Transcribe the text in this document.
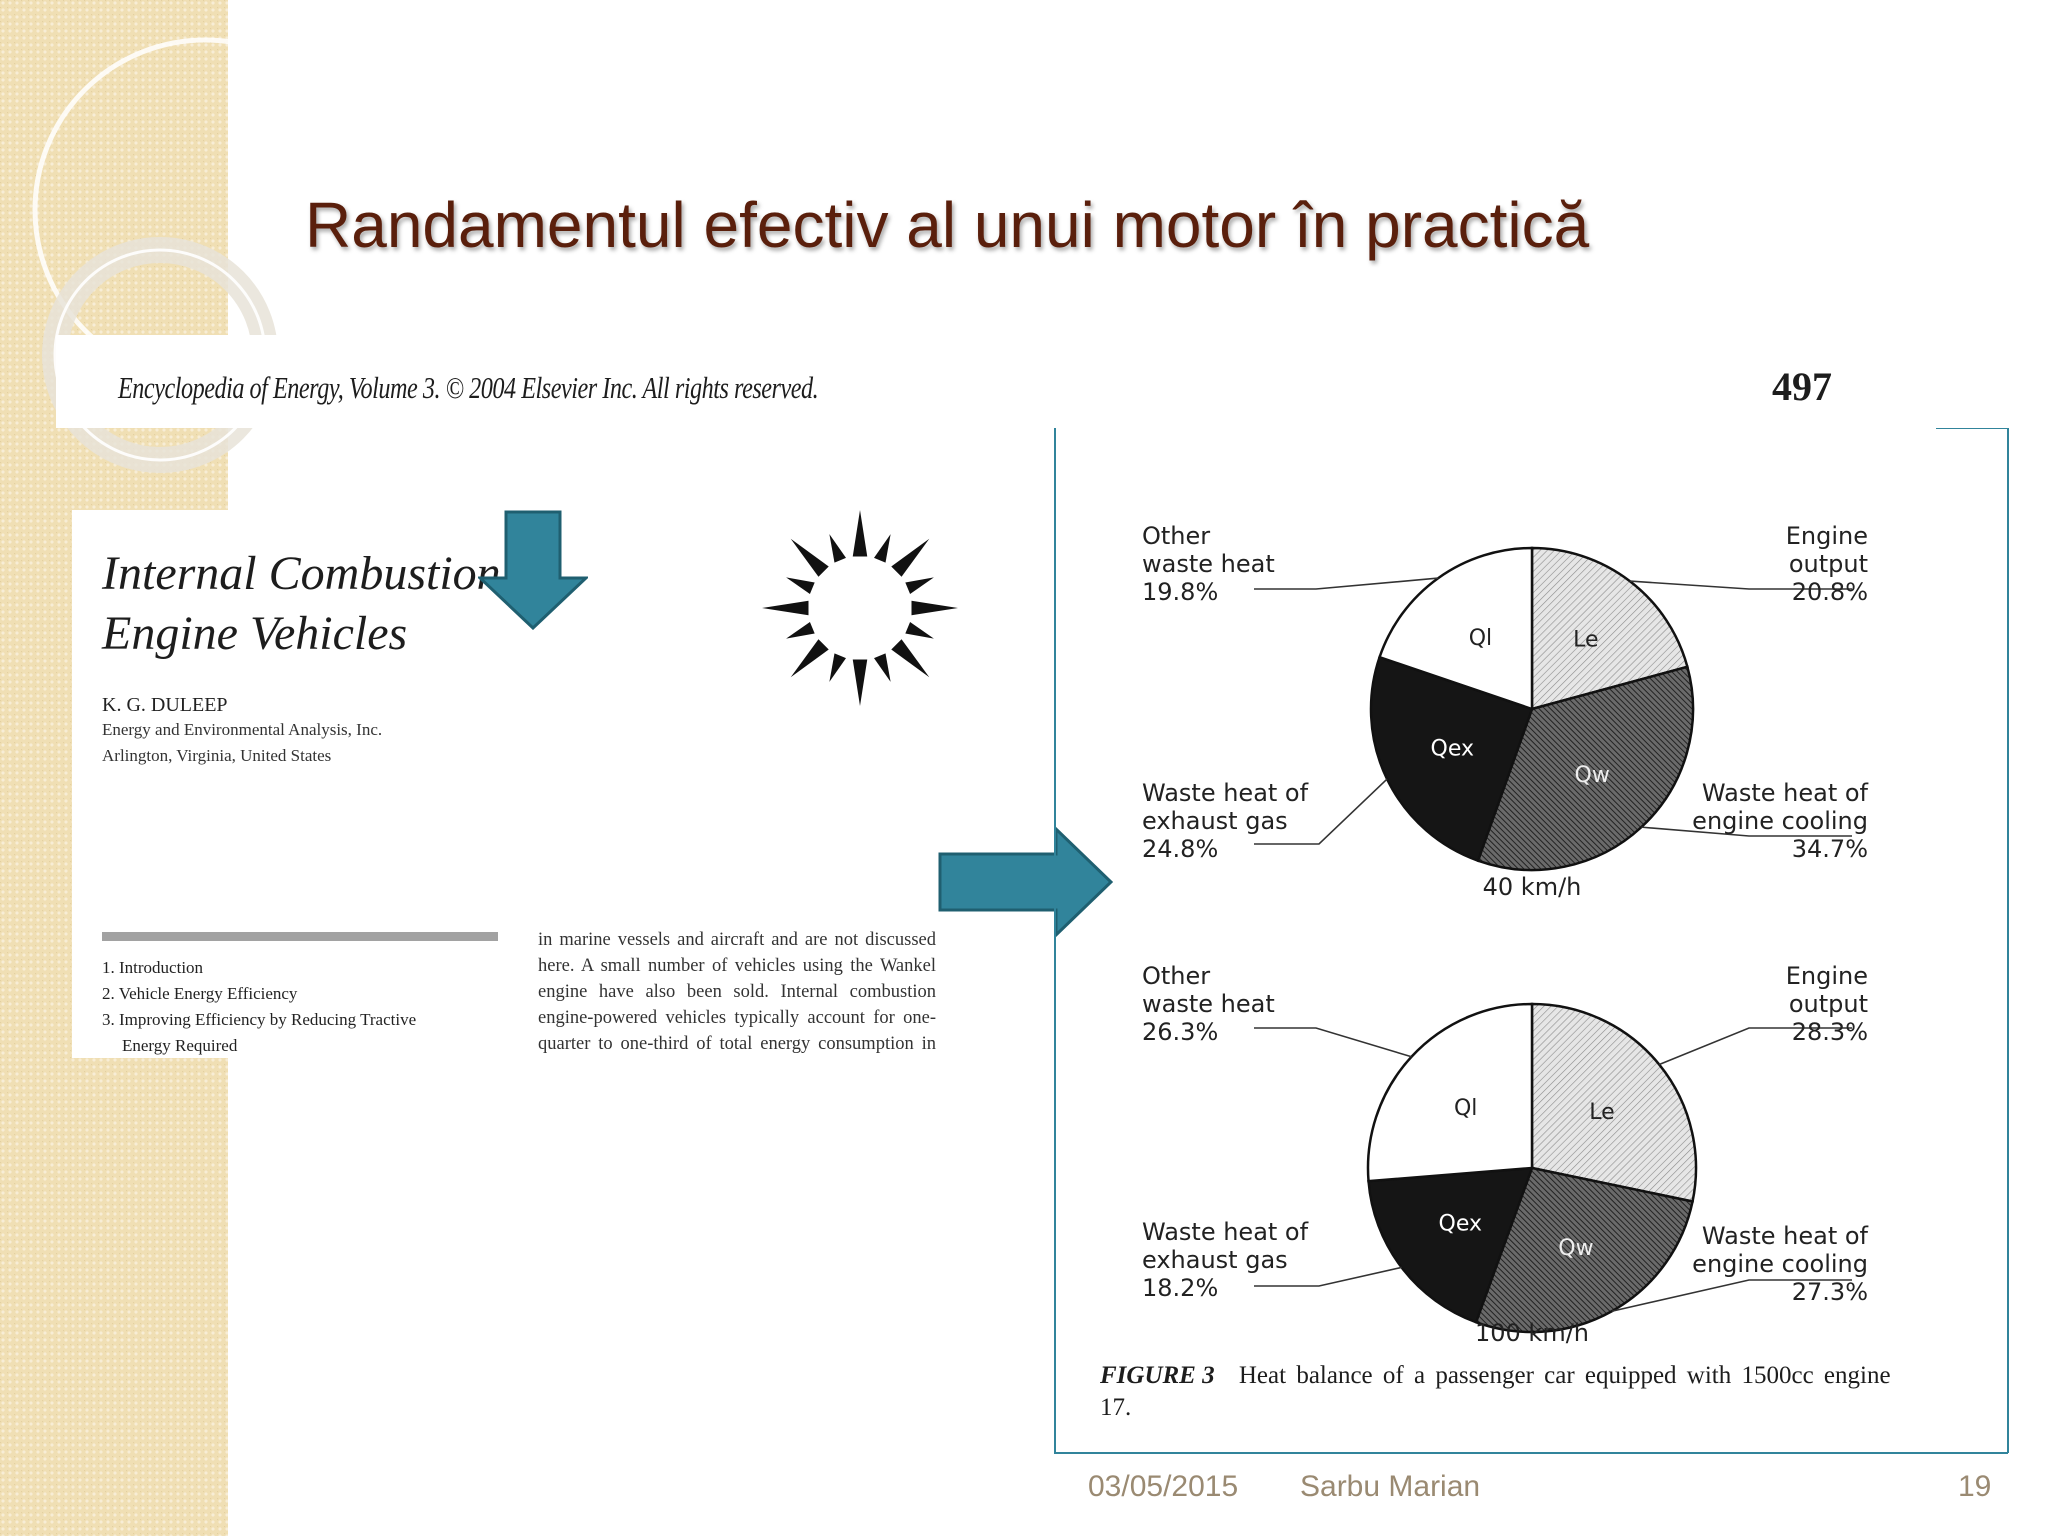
Randamentul efectiv al unui motor în practică
Encyclopedia of Energy, Volume 3. © 2004 Elsevier Inc. All rights reserved.	497
Internal Combustion
Engine Vehicles
K. G. DULEEP
Energy and Environmental Analysis, Inc.
Arlington, Virginia, United States
1. Introduction
2. Vehicle Energy Efficiency
3. Improving Efficiency by Reducing Tractive
Energy Required
in marine vessels and aircraft and are not discussed
here. A small number of vehicles using the Wankel
engine have also been sold. Internal combustion
engine-powered vehicles typically account for one-
quarter to one-third of total energy consumption in
Le
Engine
output
20.8%
Qw
Waste heat of
engine cooling
34.7%
Qex
Waste heat of
exhaust gas
24.8%
Ql
Other
waste heat
19.8%
40 km/h
Le
Engine
output
28.3%
Qw	Waste heat of
engine cooling
27.3%
Qex
Waste heat of
exhaust gas
18.2%
Ql
Other
waste heat
26.3%
100 km/h
FIGURE 3 Heat balance of a passenger car equipped with 1500cc engine 17.
03/05/2015 Sarbu Marian	19
